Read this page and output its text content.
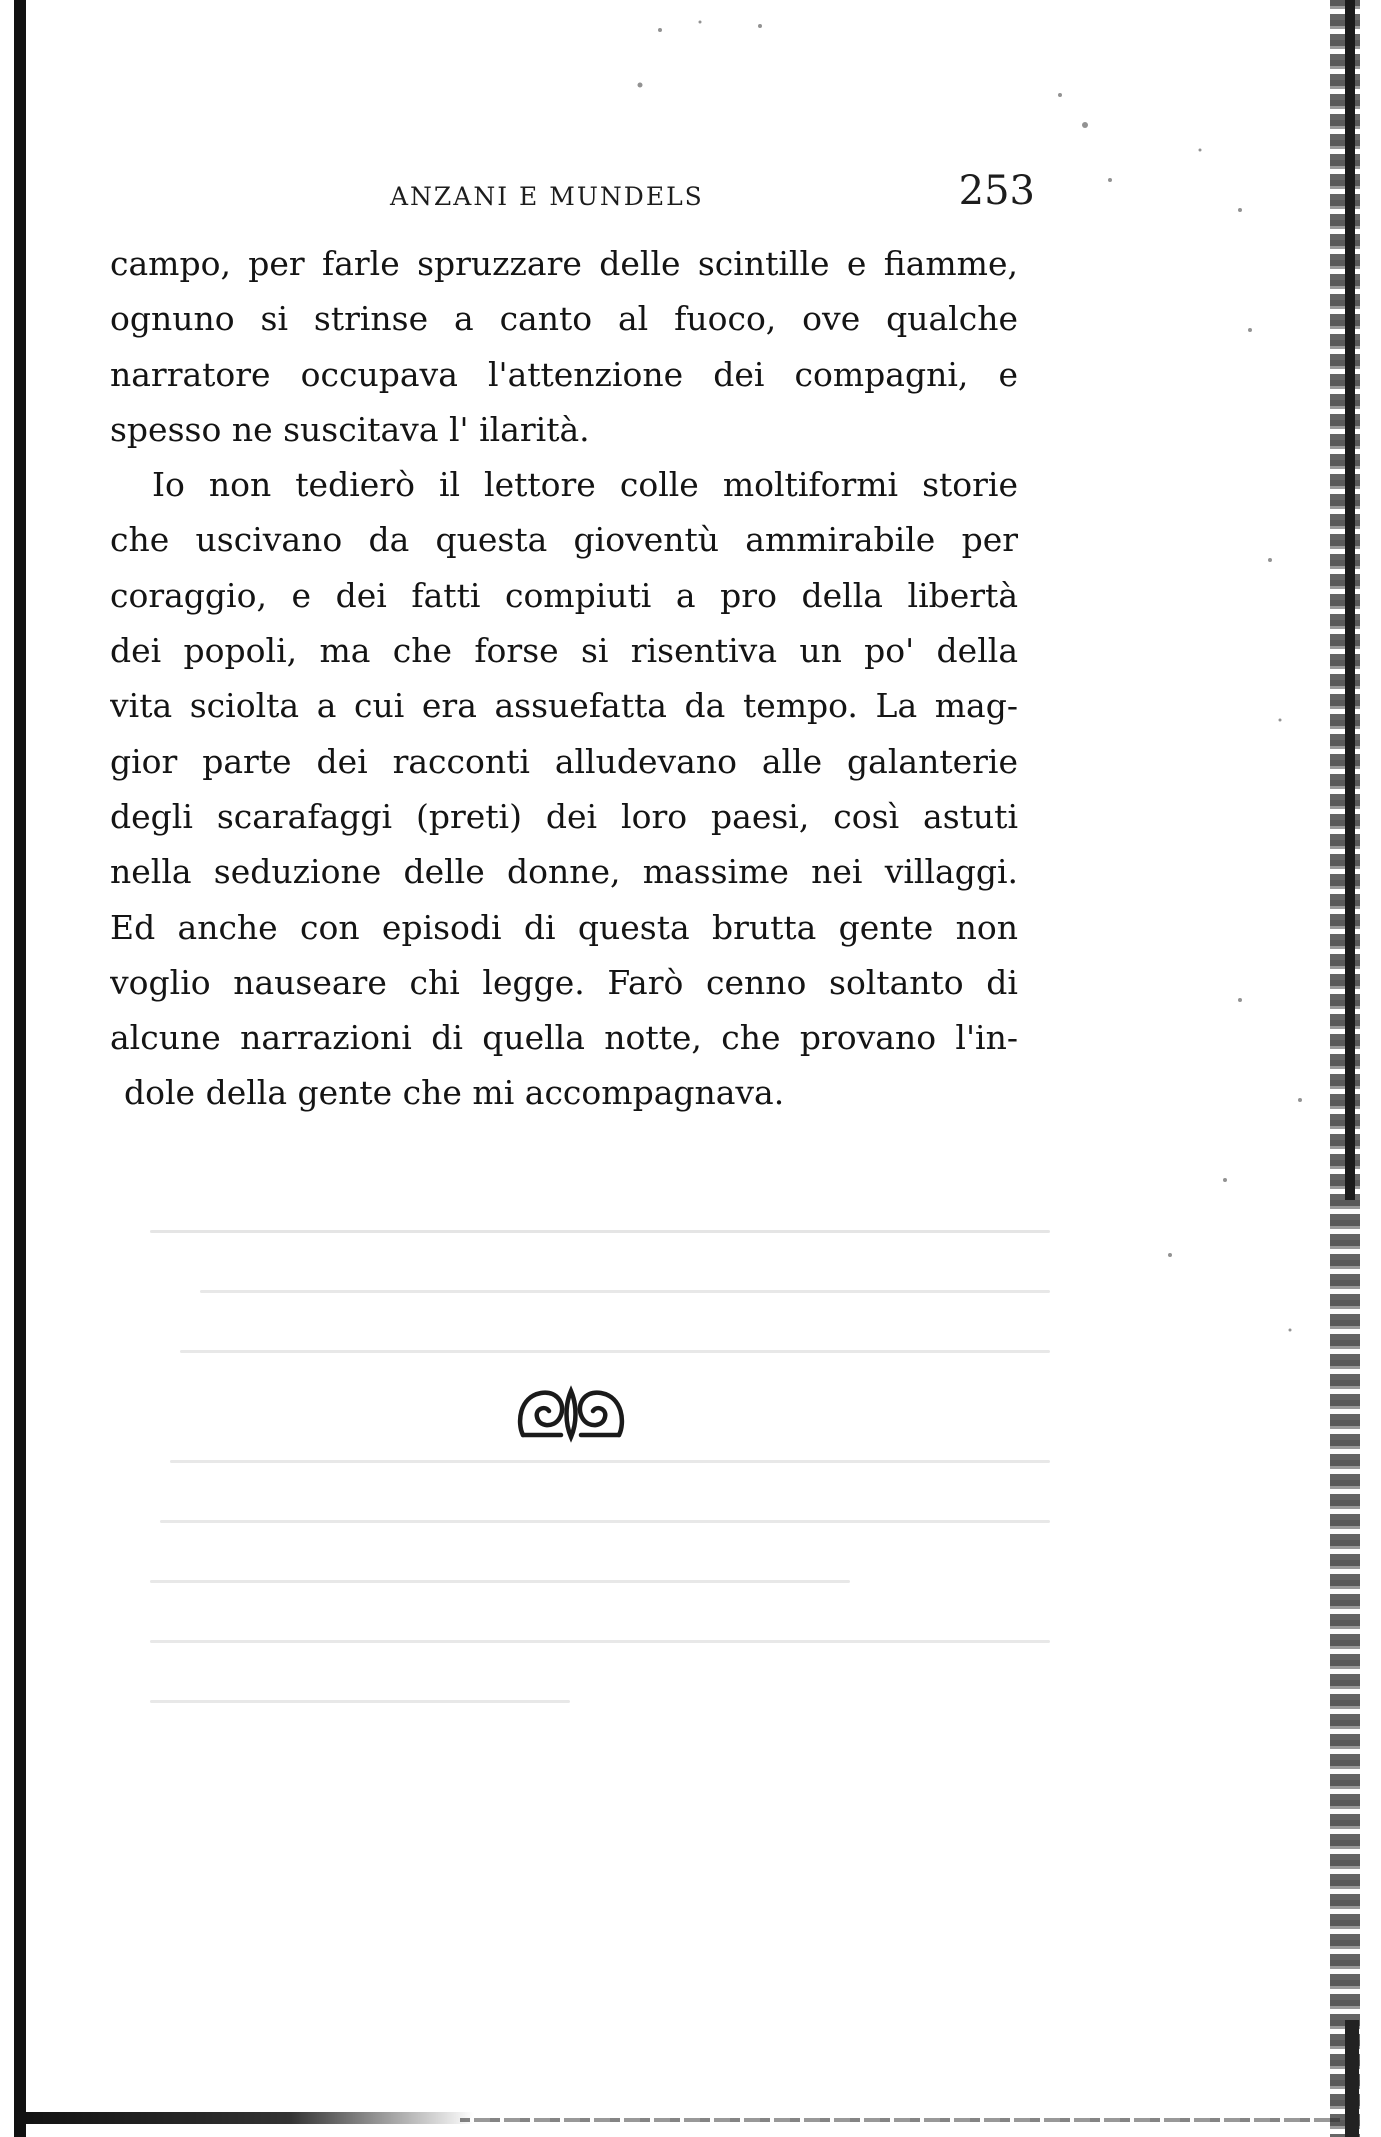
ANZANI E MUNDELS	253
campo, per farle spruzzare delle scintille e fiamme,
ognuno si strinse a canto al fuoco, ove qualche
narratore occupava l'attenzione dei compagni, e
spesso ne suscitava l' ilarità.
Io non tedierò il lettore colle moltiformi storie
che uscivano da questa gioventù ammirabile per
coraggio, e dei fatti compiuti a pro della libertà
dei popoli, ma che forse si risentiva un po' della
vita sciolta a cui era assuefatta da tempo. La mag-
gior parte dei racconti alludevano alle galanterie
degli scarafaggi (preti) dei loro paesi, così astuti
nella seduzione delle donne, massime nei villaggi.
Ed anche con episodi di questa brutta gente non
voglio nauseare chi legge. Farò cenno soltanto di
alcune narrazioni di quella notte, che provano l'in-
dole della gente che mi accompagnava.
